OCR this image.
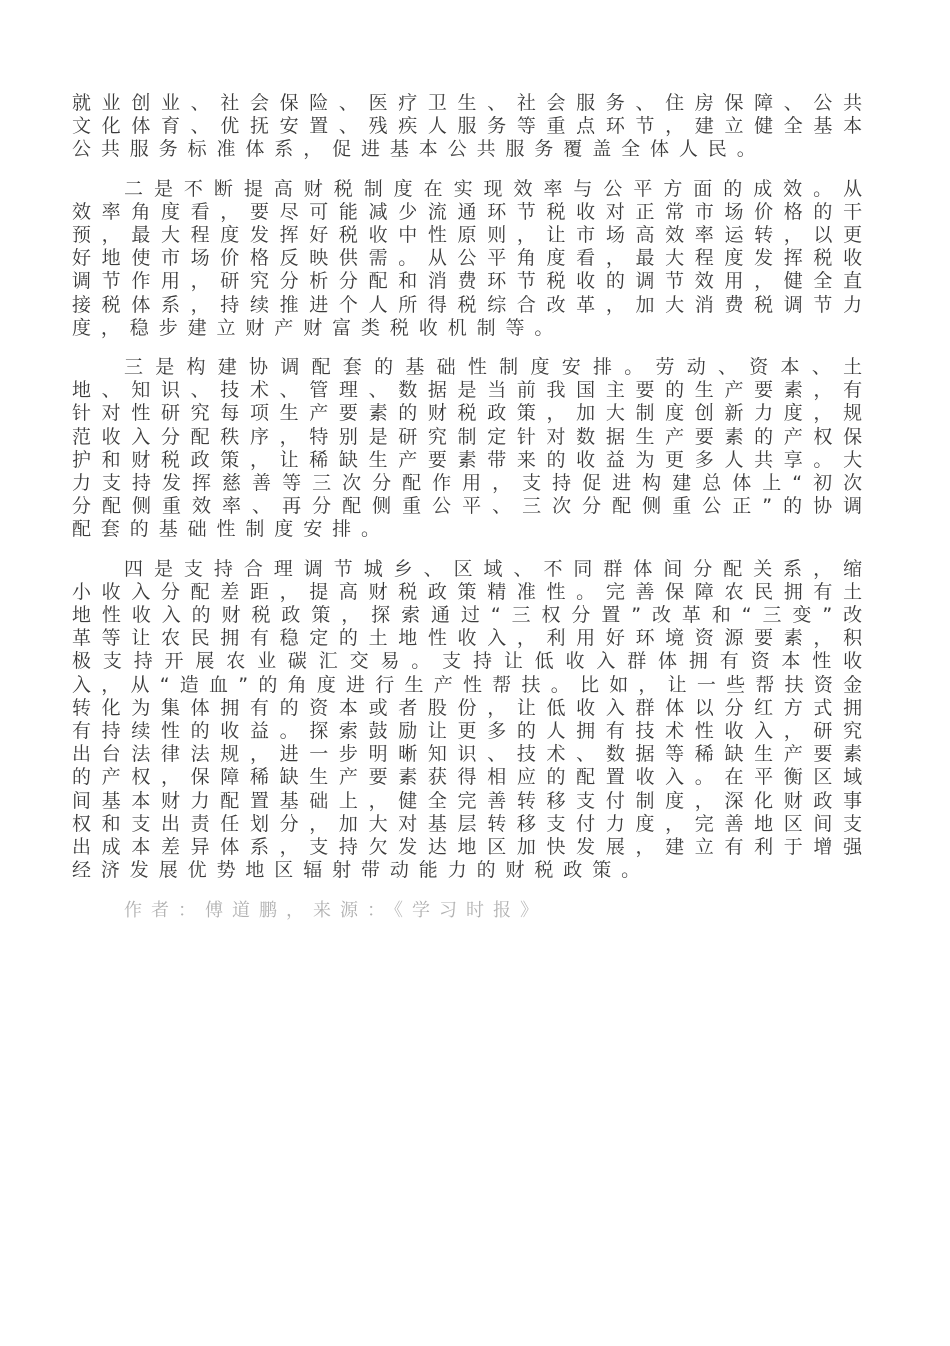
就业创业、社会保险、医疗卫生、社会服务、住房保障、公共文化体育、优抚安置、残疾人服务等重点环节，建立健全基本公共服务标准体系，促进基本公共服务覆盖全体人民。

二是不断提高财税制度在实现效率与公平方面的成效。从效率角度看，要尽可能减少流通环节税收对正常市场价格的干预，最大程度发挥好税收中性原则，让市场高效率运转，以更好地使市场价格反映供需。从公平角度看，最大程度发挥税收调节作用，研究分析分配和消费环节税收的调节效用，健全直接税体系，持续推进个人所得税综合改革，加大消费税调节力度，稳步建立财产财富类税收机制等。

三是构建协调配套的基础性制度安排。劳动、资本、土地、知识、技术、管理、数据是当前我国主要的生产要素，有针对性研究每项生产要素的财税政策，加大制度创新力度，规范收入分配秩序，特别是研究制定针对数据生产要素的产权保护和财税政策，让稀缺生产要素带来的收益为更多人共享。大力支持发挥慈善等三次分配作用，支持促进构建总体上“初次分配侧重效率、再分配侧重公平、三次分配侧重公正”的协调配套的基础性制度安排。

四是支持合理调节城乡、区域、不同群体间分配关系，缩小收入分配差距，提高财税政策精准性。完善保障农民拥有土地性收入的财税政策，探索通过“三权分置”改革和“三变”改革等让农民拥有稳定的土地性收入，利用好环境资源要素，积极支持开展农业碳汇交易。支持让低收入群体拥有资本性收入，从“造血”的角度进行生产性帮扶。比如，让一些帮扶资金转化为集体拥有的资本或者股份，让低收入群体以分红方式拥有持续性的收益。探索鼓励让更多的人拥有技术性收入，研究出台法律法规，进一步明晰知识、技术、数据等稀缺生产要素的产权，保障稀缺生产要素获得相应的配置收入。在平衡区域间基本财力配置基础上，健全完善转移支付制度，深化财政事权和支出责任划分，加大对基层转移支付力度，完善地区间支出成本差异体系，支持欠发达地区加快发展，建立有利于增强经济发展优势地区辐射带动能力的财税政策。

作者：傅道鹏，来源：《学习时报》
